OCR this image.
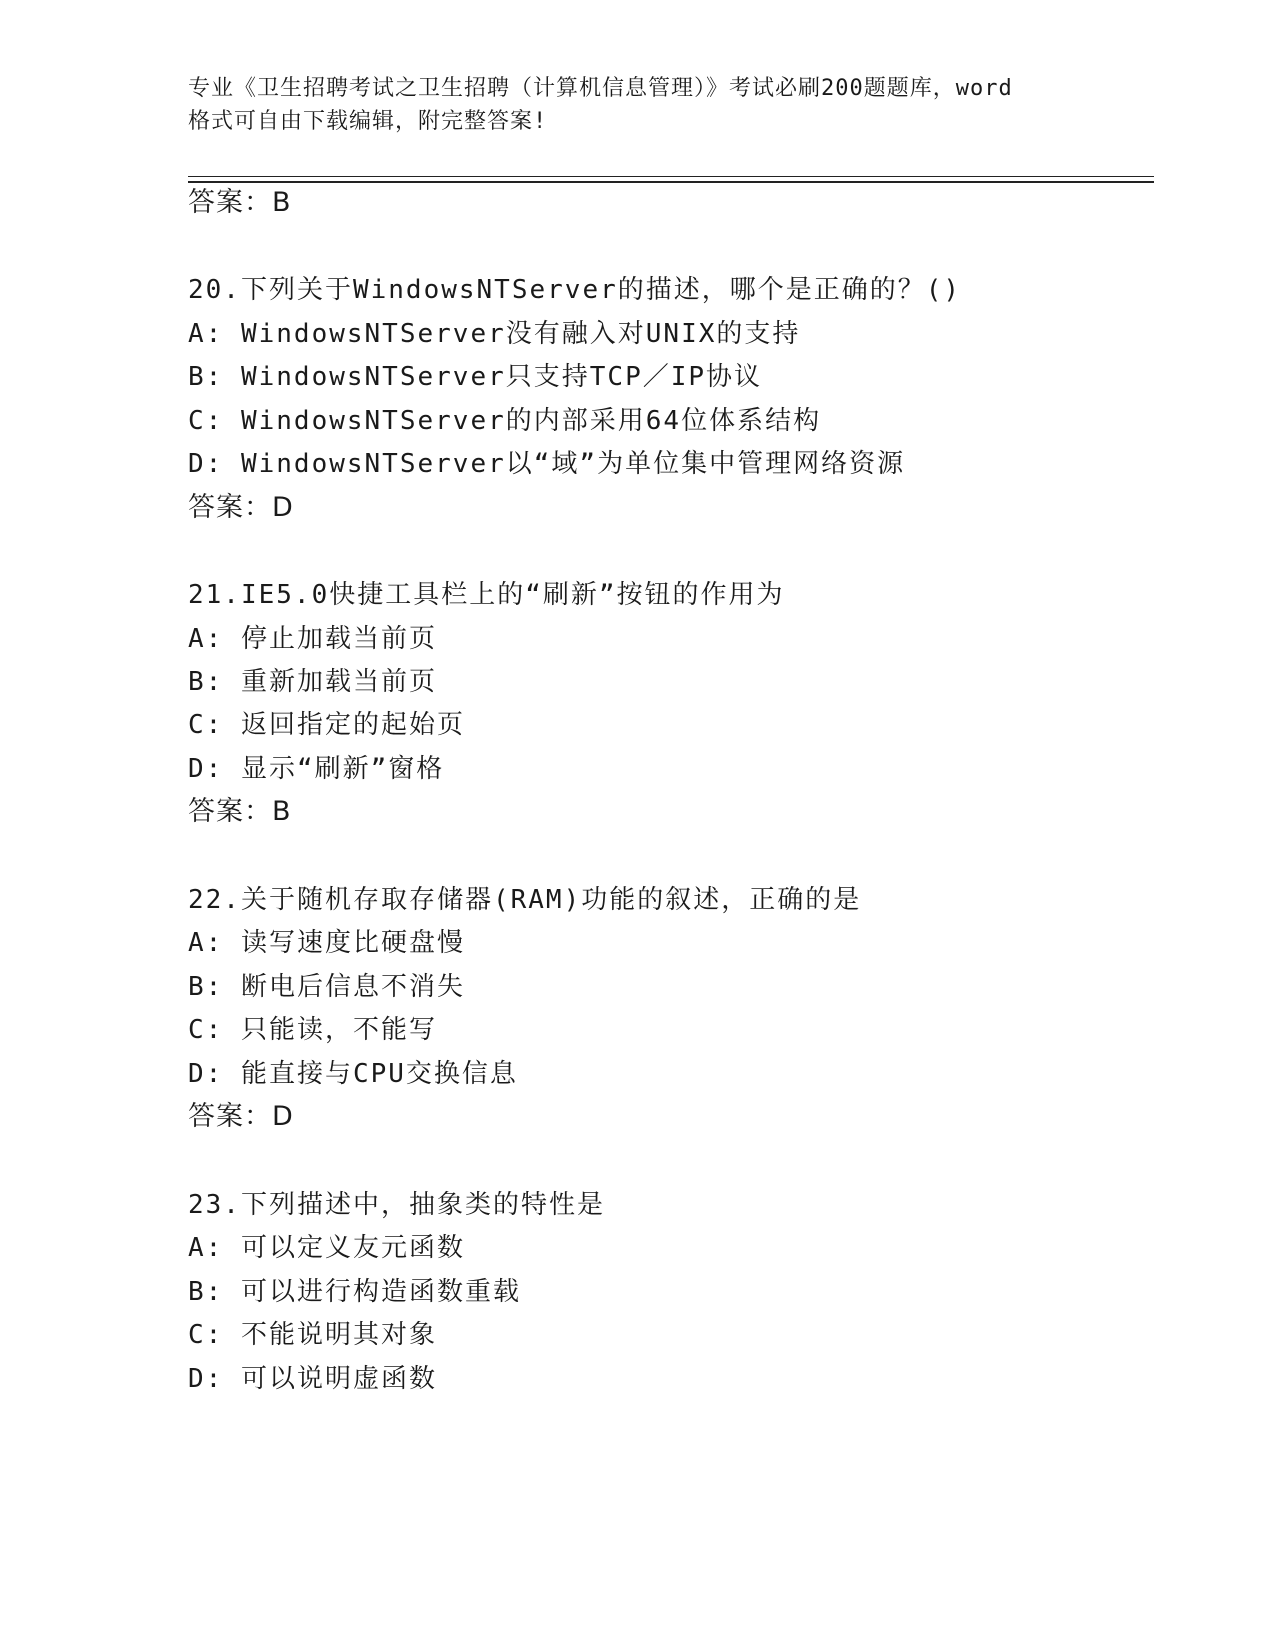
专业《卫生招聘考试之卫生招聘（计算机信息管理）》考试必刷200题题库，word
格式可自由下载编辑，附完整答案!
答案：B
20.下列关于WindowsNTServer的描述，哪个是正确的？()
A: WindowsNTServer没有融入对UNIX的支持
B: WindowsNTServer只支持TCP／IP协议
C: WindowsNTServer的内部采用64位体系结构
D: WindowsNTServer以“域”为单位集中管理网络资源
答案：D
21.IE5.0快捷工具栏上的“刷新”按钮的作用为
A: 停止加载当前页
B: 重新加载当前页
C: 返回指定的起始页
D: 显示“刷新”窗格
答案：B
22.关于随机存取存储器(RAM)功能的叙述，正确的是
A: 读写速度比硬盘慢
B: 断电后信息不消失
C: 只能读，不能写
D: 能直接与CPU交换信息
答案：D
23.下列描述中，抽象类的特性是
A: 可以定义友元函数
B: 可以进行构造函数重载
C: 不能说明其对象
D: 可以说明虚函数
